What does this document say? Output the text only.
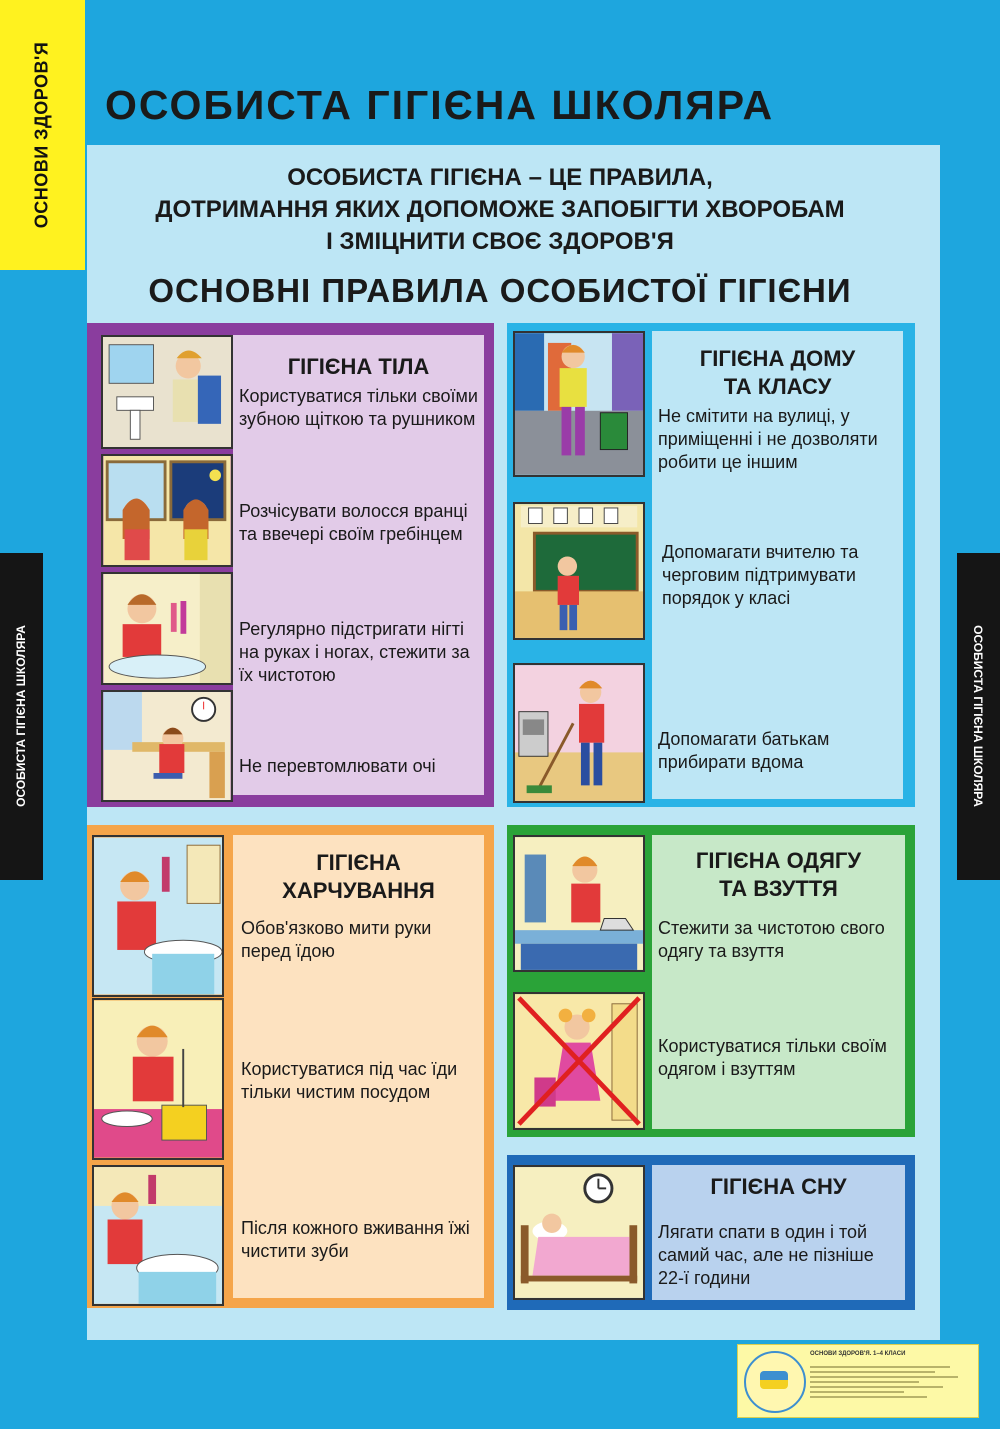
ОСНОВИ ЗДОРОВ'Я
ОСОБИСТА ГІГІЄНА ШКОЛЯРА	ОСОБИСТА ГІГІЄНА ШКОЛЯРА
ОСОБИСТА ГІГІЄНА ШКОЛЯРА
ОСОБИСТА ГІГІЄНА – ЦЕ ПРАВИЛА,
ДОТРИМАННЯ ЯКИХ ДОПОМОЖЕ ЗАПОБІГТИ ХВОРОБАМ
І ЗМІЦНИТИ СВОЄ ЗДОРОВ'Я
ОСНОВНІ ПРАВИЛА ОСОБИСТОЇ ГІГІЄНИ
ГІГІЄНА ТІЛА

Користуватися тільки своїми зубною щіткою та рушником

Розчісувати волосся вранці та ввечері своїм гребінцем

Регулярно підстригати нігті на руках і ногах, стежити за їх чистотою

Не перевтомлювати очі

ГІГІЄНА ДОМУ
ТА КЛАСУ

Не смітити на вулиці, у приміщенні і не дозволяти робити це іншим

Допомагати вчителю та черговим підтримувати порядок у класі

Допомагати батькам прибирати вдома

ГІГІЄНА
ХАРЧУВАННЯ

Обов'язково мити руки перед їдою

Користуватися під час їди тільки чистим посудом

Після кожного вживання їжі чистити зуби

ГІГІЄНА ОДЯГУ
ТА ВЗУТТЯ

Стежити за чистотою свого одягу та взуття

Користуватися тільки своїм одягом і взуттям

ГІГІЄНА СНУ

Лягати спати в один і той самий час, але не пізніше 22-ї години

ОСНОВИ ЗДОРОВ'Я. 1–4 КЛАСИ
